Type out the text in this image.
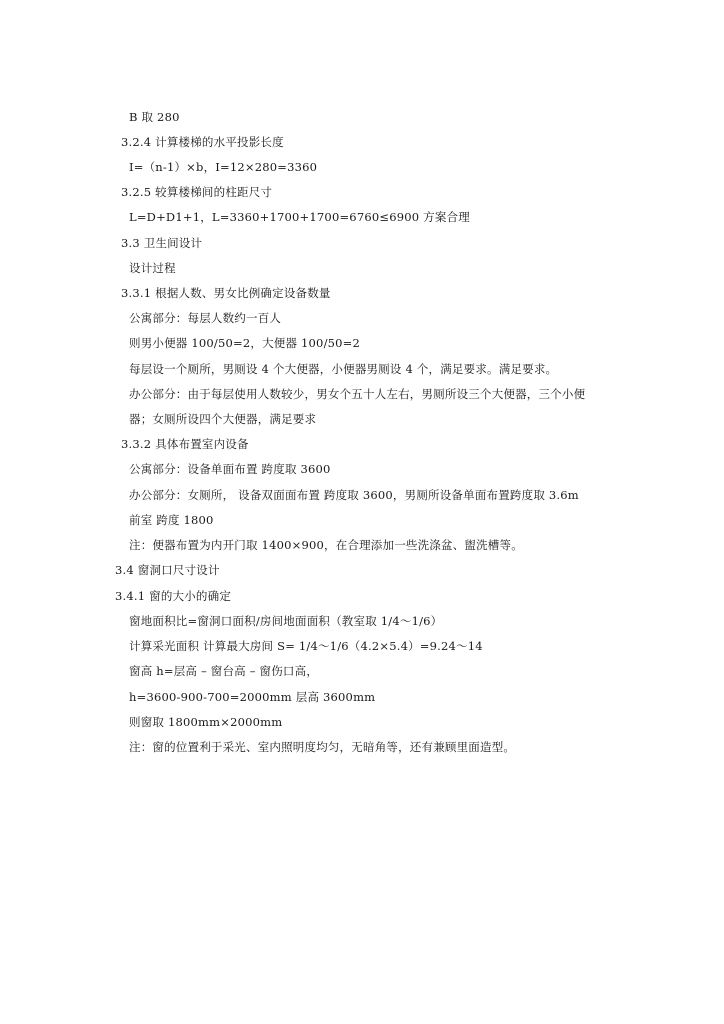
B 取 280
3.2.4 计算楼梯的水平投影长度
I=（n-1）×b，I=12×280=3360
3.2.5 较算楼梯间的柱距尺寸
L=D+D1+1，L=3360+1700+1700=6760≤6900 方案合理
3.3 卫生间设计
设计过程
3.3.1 根据人数、男女比例确定设备数量
公寓部分：每层人数约一百人
则男小便器 100/50=2，大便器 100/50=2
每层设一个厕所，男厕设 4 个大便器，小便器男厕设 4 个，满足要求。满足要求。
办公部分：由于每层使用人数较少，男女个五十人左右，男厕所设三个大便器，三个小便
器；女厕所设四个大便器，满足要求
3.3.2 具体布置室内设备
公寓部分：设备单面布置 跨度取 3600
办公部分：女厕所， 设备双面面布置 跨度取 3600，男厕所设备单面布置跨度取 3.6m
前室 跨度 1800
注：便器布置为内开门取 1400×900，在合理添加一些洗涤盆、盥洗槽等。
3.4 窗洞口尺寸设计
3.4.1 窗的大小的确定
窗地面积比=窗洞口面积/房间地面面积（教室取 1/4～1/6）
计算采光面积 计算最大房间 S= 1/4～1/6（4.2×5.4）=9.24～14
窗高 h=层高 – 窗台高 – 窗伤口高，
h=3600-900-700=2000mm 层高 3600mm
则窗取 1800mm×2000mm
注：窗的位置利于采光、室内照明度均匀，无暗角等，还有兼顾里面造型。
